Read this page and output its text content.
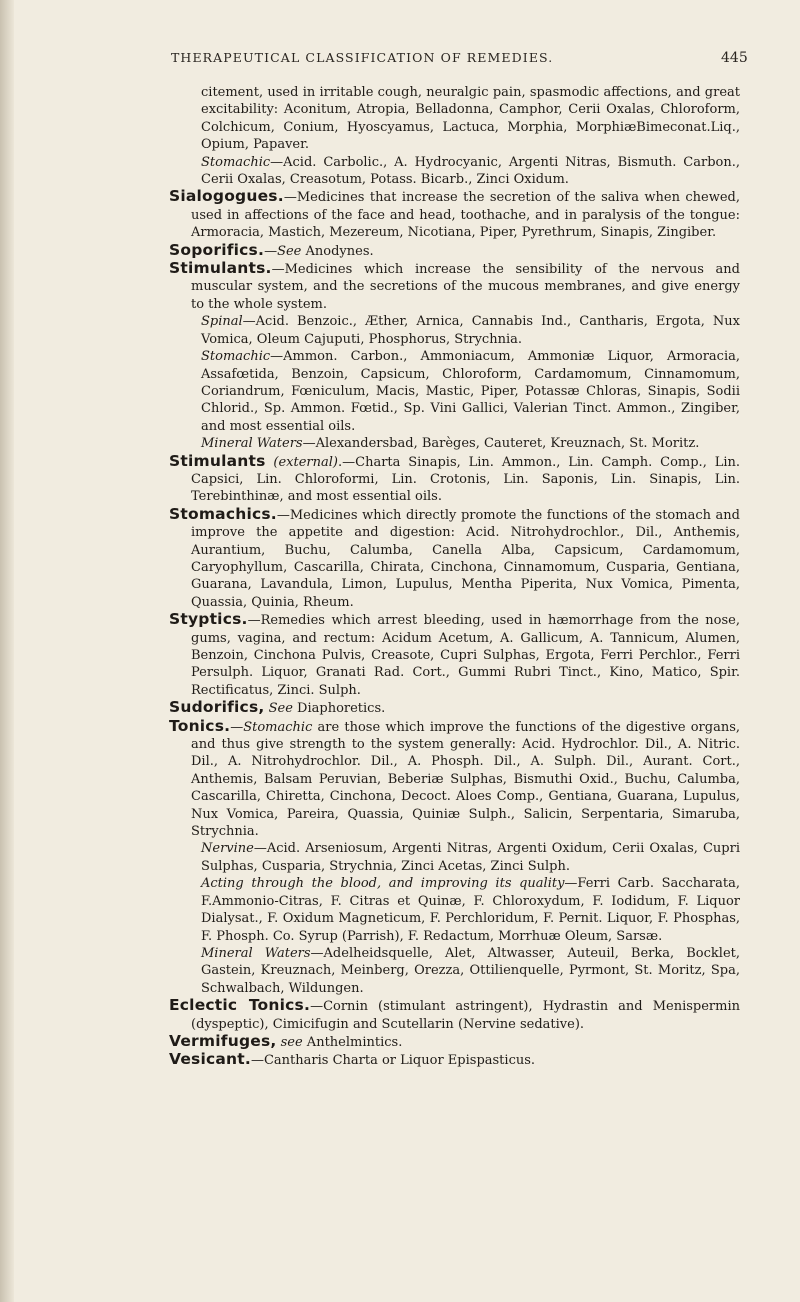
THERAPEUTICAL CLASSIFICATION OF REMEDIES.	445

citement, used in irritable cough, neuralgic pain, spasmodic affections, and great excitability: Aconitum, Atropia, Belladonna, Camphor, Cerii Oxalas, Chloroform, Colchicum, Conium, Hyoscyamus, Lactuca, Morphia, MorphiæBimeconat.Liq., Opium, Papaver.

Stomachic—Acid. Carbolic., A. Hydrocyanic, Argenti Nitras, Bismuth. Carbon., Cerii Oxalas, Creasotum, Potass. Bicarb., Zinci Oxidum.

Sialogogues.—Medicines that increase the secretion of the saliva when chewed, used in affections of the face and head, toothache, and in paralysis of the tongue: Armoracia, Mastich, Mezereum, Nicotiana, Piper, Pyrethrum, Sinapis, Zingiber.

Soporifics.—See Anodynes.

Stimulants.—Medicines which increase the sensibility of the nervous and muscular system, and the secretions of the mucous membranes, and give energy to the whole system.

Spinal—Acid. Benzoic., Æther, Arnica, Cannabis Ind., Cantharis, Ergota, Nux Vomica, Oleum Cajuputi, Phosphorus, Strychnia.

Stomachic—Ammon. Carbon., Ammoniacum, Ammoniæ Liquor, Armoracia, Assafœtida, Benzoin, Capsicum, Chloroform, Cardamomum, Cinnamomum, Coriandrum, Fœniculum, Macis, Mastic, Piper, Potassæ Chloras, Sinapis, Sodii Chlorid., Sp. Ammon. Fœtid., Sp. Vini Gallici, Valerian Tinct. Ammon., Zingiber, and most essential oils.

Mineral Waters—Alexandersbad, Barèges, Cauteret, Kreuznach, St. Moritz.

Stimulants (external).—Charta Sinapis, Lin. Ammon., Lin. Camph. Comp., Lin. Capsici, Lin. Chloroformi, Lin. Crotonis, Lin. Saponis, Lin. Sinapis, Lin. Terebinthinæ, and most essential oils.

Stomachics.—Medicines which directly promote the functions of the stomach and improve the appetite and digestion: Acid. Nitrohydrochlor., Dil., Anthemis, Aurantium, Buchu, Calumba, Canella Alba, Capsicum, Cardamomum, Caryophyllum, Cascarilla, Chirata, Cinchona, Cinnamomum, Cusparia, Gentiana, Guarana, Lavandula, Limon, Lupulus, Mentha Piperita, Nux Vomica, Pimenta, Quassia, Quinia, Rheum.

Styptics.—Remedies which arrest bleeding, used in hæmorrhage from the nose, gums, vagina, and rectum: Acidum Acetum, A. Gallicum, A. Tannicum, Alumen, Benzoin, Cinchona Pulvis, Creasote, Cupri Sulphas, Ergota, Ferri Perchlor., Ferri Persulph. Liquor, Granati Rad. Cort., Gummi Rubri Tinct., Kino, Matico, Spir. Rectificatus, Zinci. Sulph.

Sudorifics, See Diaphoretics.

Tonics.—Stomachic are those which improve the functions of the digestive organs, and thus give strength to the system generally: Acid. Hydrochlor. Dil., A. Nitric. Dil., A. Nitrohydrochlor. Dil., A. Phosph. Dil., A. Sulph. Dil., Aurant. Cort., Anthemis, Balsam Peruvian, Beberiæ Sulphas, Bismuthi Oxid., Buchu, Calumba, Cascarilla, Chiretta, Cinchona, Decoct. Aloes Comp., Gentiana, Guarana, Lupulus, Nux Vomica, Pareira, Quassia, Quiniæ Sulph., Salicin, Serpentaria, Simaruba, Strychnia.

Nervine—Acid. Arseniosum, Argenti Nitras, Argenti Oxidum, Cerii Oxalas, Cupri Sulphas, Cusparia, Strychnia, Zinci Acetas, Zinci Sulph.

Acting through the blood, and improving its quality—Ferri Carb. Saccharata, F.Ammonio-Citras, F. Citras et Quinæ, F. Chloroxydum, F. Iodidum, F. Liquor Dialysat., F. Oxidum Magneticum, F. Perchloridum, F. Pernit. Liquor, F. Phosphas, F. Phosph. Co. Syrup (Parrish), F. Redactum, Morrhuæ Oleum, Sarsæ.

Mineral Waters—Adelheidsquelle, Alet, Altwasser, Auteuil, Berka, Bocklet, Gastein, Kreuznach, Meinberg, Orezza, Ottilienquelle, Pyrmont, St. Moritz, Spa, Schwalbach, Wildungen.

Eclectic Tonics.—Cornin (stimulant astringent), Hydrastin and Menispermin (dyspeptic), Cimicifugin and Scutellarin (Nervine sedative).

Vermifuges, see Anthelmintics.

Vesicant.—Cantharis Charta or Liquor Epispasticus.
